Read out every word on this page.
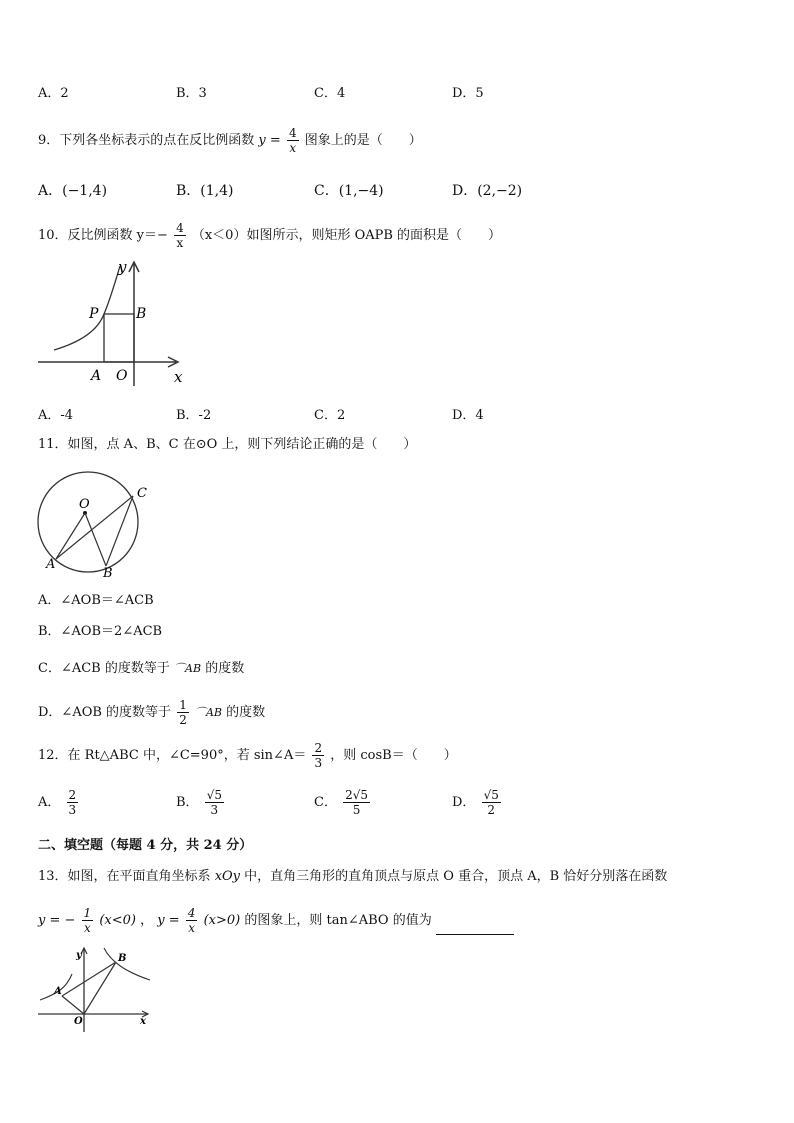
A．2	B．3	C．4	D．5
9．下列各坐标表示的点在反比例函数 $y = \frac{4}{x}$ 图象上的是（　　）
A．(−1,4)	B．(1,4)	C．(1,−4)	D．(2,−2)
10．反比例函数 $y=- \frac{4}{x} (x<0)$如图所示，则矩形 OAPB 的面积是（　　）
y
x
P	B
A O
A．-4	B．-2	C．2	D．4
11．如图，点 A、B、C 在⊙O 上，则下列结论正确的是（　　）
O
C
A
B
A．∠AOB＝∠ACB
B．∠AOB＝2∠ACB
C．∠ACB 的度数等于 ⌒AB 的度数
D．∠AOB 的度数等于 $\frac{1}{2}$ ⌒AB 的度数
12．在 Rt△ABC 中，∠C=90°，若 sin∠A＝ $\frac{2}{3}$ ，则 cosB＝（　　）
A． $\frac{2}{3}$	B． $\frac{√5}{3}$	C． $\frac{2√5}{5}$	D． $\frac{√5}{2}$
二、填空题（每题 4 分，共 24 分）
13．如图，在平面直角坐标系 xOy 中，直角三角形的直角顶点与原点 O 重合，顶点 A，B 恰好分别落在函数
y = − $\frac{1}{x} (x<0)$ ， $y = \frac{4}{x} (x>0)$ 的图象上，则 tan∠ABO 的值为
y	B
A
O	x
